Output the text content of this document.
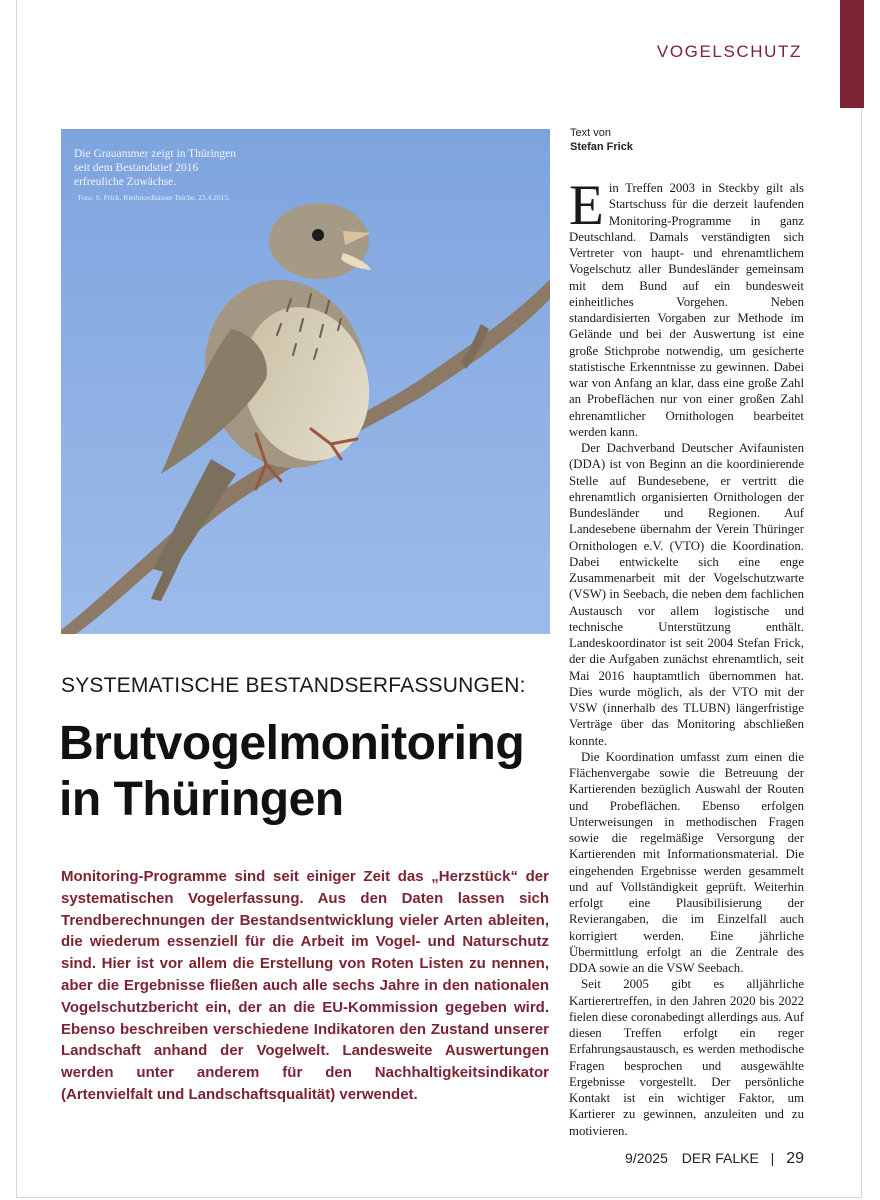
VOGELSCHUTZ
Die Grauammer zeigt in Thüringen seit dem Bestandstief 2016 erfreuliche Zuwächse.
Foto: S. Frick, Riethnordhäuser Teiche, 23.4.2015.
SYSTEMATISCHE BESTANDSERFASSUNGEN:
Brutvogelmonitoring
in Thüringen
Monitoring-Programme sind seit einiger Zeit das „Herzstück“ der systematischen Vogelerfassung. Aus den Daten lassen sich Trendberechnungen der Bestandsentwicklung vieler Arten ableiten, die wiederum essenziell für die Arbeit im Vogel- und Naturschutz sind. Hier ist vor allem die Erstellung von Roten Listen zu nennen, aber die Ergebnisse fließen auch alle sechs Jahre in den nationalen Vogelschutzbericht ein, der an die EU-Kommission gegeben wird. Ebenso beschreiben verschiedene Indikatoren den Zustand unserer Landschaft anhand der Vogelwelt. Landesweite Auswertungen werden unter anderem für den Nachhaltigkeitsindikator (Artenvielfalt und Landschaftsqualität) verwendet.
Text von
Stefan Frick

Ein Treffen 2003 in Steckby gilt als Startschuss für die derzeit laufenden Monitoring-Programme in ganz Deutschland. Damals verständigten sich Vertreter von haupt- und ehrenamtlichem Vogelschutz aller Bundesländer gemeinsam mit dem Bund auf ein bundesweit einheitliches Vorgehen. Neben standardisierten Vorgaben zur Methode im Gelände und bei der Auswertung ist eine große Stichprobe notwendig, um gesicherte statistische Erkenntnisse zu gewinnen. Dabei war von Anfang an klar, dass eine große Zahl an Probeflächen nur von einer großen Zahl ehrenamtlicher Ornithologen bearbeitet werden kann.

Der Dachverband Deutscher Avifaunisten (DDA) ist von Beginn an die koordinierende Stelle auf Bundesebene, er vertritt die ehrenamtlich organisierten Ornithologen der Bundesländer und Regionen. Auf Landesebene übernahm der Verein Thüringer Ornithologen e.V. (VTO) die Koordination. Dabei entwickelte sich eine enge Zusammenarbeit mit der Vogelschutzwarte (VSW) in Seebach, die neben dem fachlichen Austausch vor allem logistische und technische Unterstützung enthält. Landeskoordinator ist seit 2004 Stefan Frick, der die Aufgaben zunächst ehrenamtlich, seit Mai 2016 hauptamtlich übernommen hat. Dies wurde möglich, als der VTO mit der VSW (innerhalb des TLUBN) längerfristige Verträge über das Monitoring abschließen konnte.

Die Koordination umfasst zum einen die Flächenvergabe sowie die Betreuung der Kartierenden bezüglich Auswahl der Routen und Probeflächen. Ebenso erfolgen Unterweisungen in methodischen Fragen sowie die regelmäßige Versorgung der Kartierenden mit Informationsmaterial. Die eingehenden Ergebnisse werden gesammelt und auf Vollständigkeit geprüft. Weiterhin erfolgt eine Plausibilisierung der Revierangaben, die im Einzelfall auch korrigiert werden. Eine jährliche Übermittlung erfolgt an die Zentrale des DDA sowie an die VSW Seebach.

Seit 2005 gibt es alljährliche Kartierertreffen, in den Jahren 2020 bis 2022 fielen diese coronabedingt allerdings aus. Auf diesen Treffen erfolgt ein reger Erfahrungsaustausch, es werden methodische Fragen besprochen und ausgewählte Ergebnisse vorgestellt. Der persönliche Kontakt ist ein wichtiger Faktor, um Kartierer zu gewinnen, anzuleiten und zu motivieren.

9/2025 DER FALKE | 29
